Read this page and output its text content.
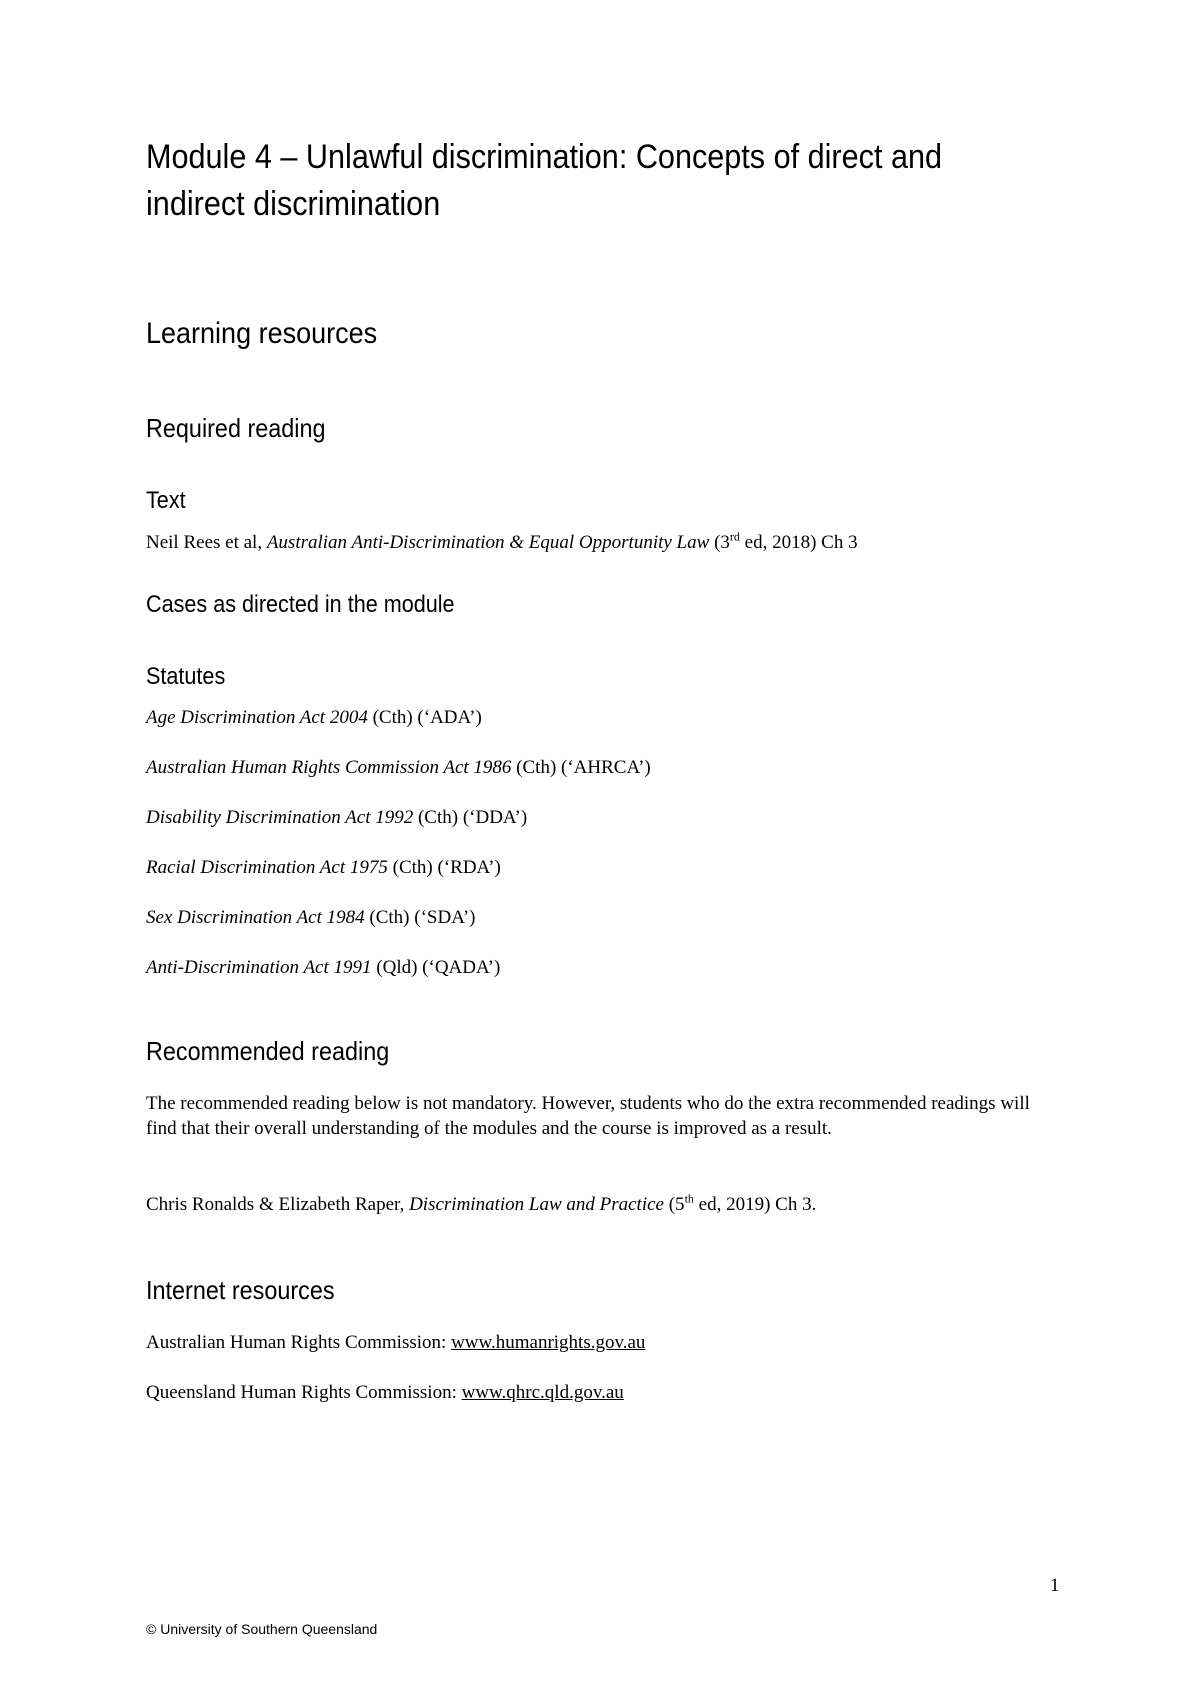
Module 4 – Unlawful discrimination: Concepts of direct and
indirect discrimination
Learning resources
Required reading
Text

Neil Rees et al, Australian Anti-Discrimination & Equal Opportunity Law (3rd ed, 2018) Ch 3

Cases as directed in the module
Statutes

Age Discrimination Act 2004 (Cth) (‘ADA’)

Australian Human Rights Commission Act 1986 (Cth) (‘AHRCA’)

Disability Discrimination Act 1992 (Cth) (‘DDA’)

Racial Discrimination Act 1975 (Cth) (‘RDA’)

Sex Discrimination Act 1984 (Cth) (‘SDA’)

Anti-Discrimination Act 1991 (Qld) (‘QADA’)

Recommended reading

The recommended reading below is not mandatory. However, students who do the extra recommended readings will find that their overall understanding of the modules and the course is improved as a result.

Chris Ronalds & Elizabeth Raper, Discrimination Law and Practice (5th ed, 2019) Ch 3.

Internet resources

Australian Human Rights Commission: www.humanrights.gov.au

Queensland Human Rights Commission: www.qhrc.qld.gov.au

1
© University of Southern Queensland
